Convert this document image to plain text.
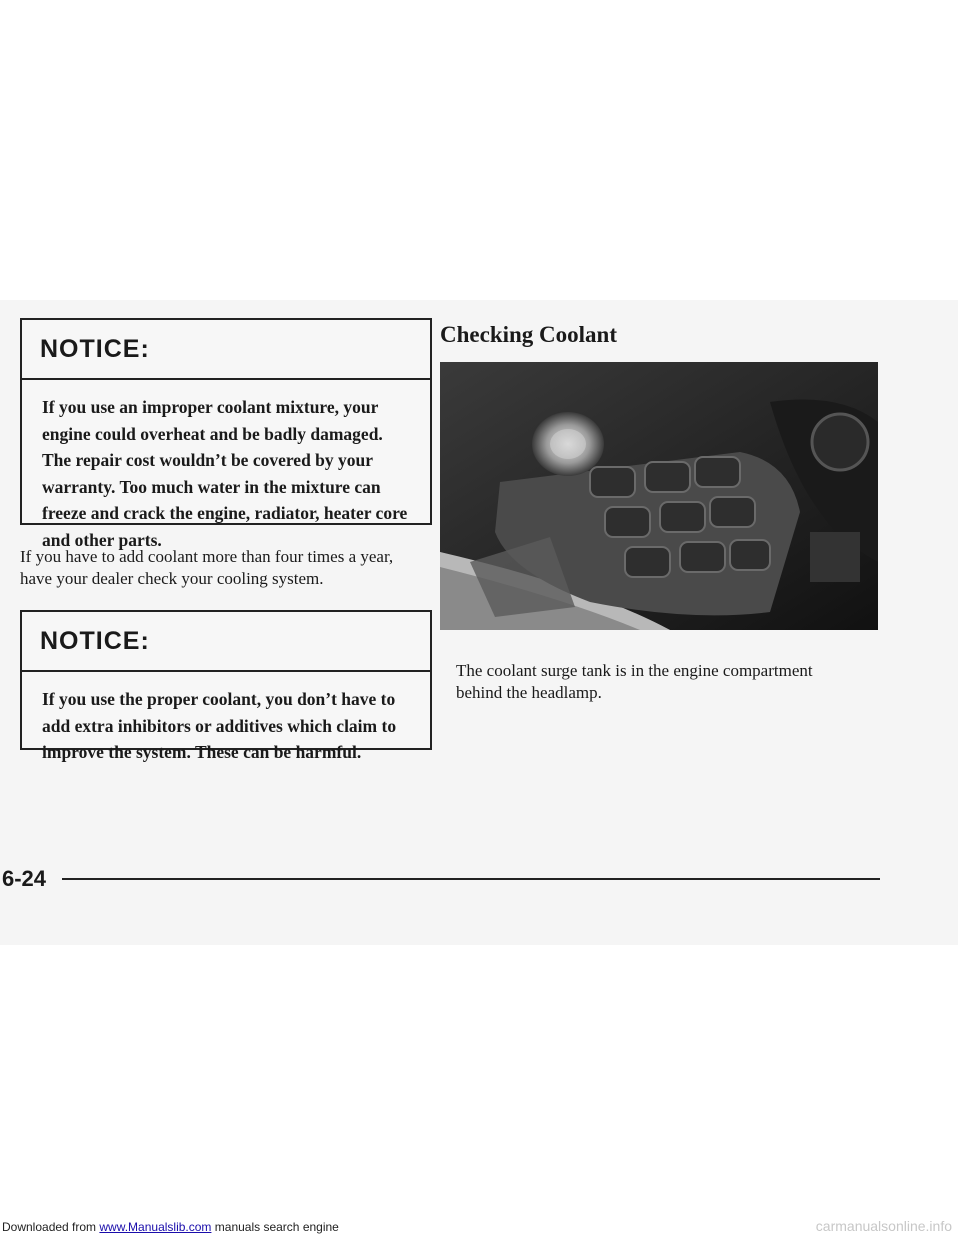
NOTICE:
If you use an improper coolant mixture, your
engine could overheat and be badly damaged.
The repair cost wouldn’t be covered by your
warranty. Too much water in the mixture can
freeze and crack the engine, radiator, heater core
and other parts.
If you have to add coolant more than four times a year,
have your dealer check your cooling system.
NOTICE:
If you use the proper coolant, you don’t have to
add extra inhibitors or additives which claim to
improve the system. These can be harmful.
Checking Coolant
The coolant surge tank is in the engine compartment
behind the headlamp.
6-24
Downloaded from www.Manualslib.com manuals search engine	carmanualsonline.info
